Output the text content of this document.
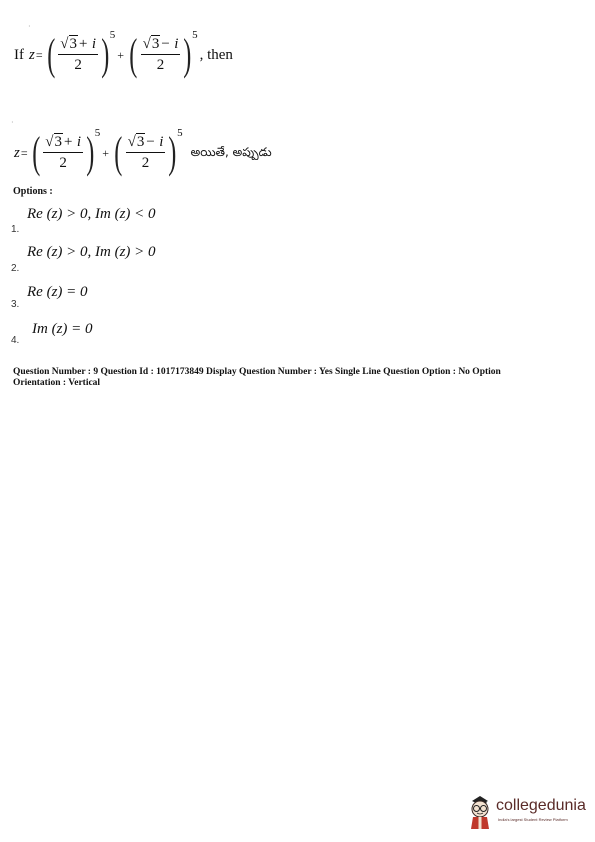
·
·
If z = ( $\frac{√3+ i}{2}$ ) 5
+ ( $\frac{√3- i}{2}$ ) 5
, then
z = ( $\frac{√3+ i}{2}$ ) 5
+ ( $\frac{√3- i}{2}$ ) 5
అయితే, అప్పుడు
Options :
Re (z) > 0, Im (z) < 0
1.
Re (z) > 0, Im (z) > 0
2.
Re (z) = 0
3.
Im (z) = 0
4.
Question Number : 9 Question Id : 1017173849 Display Question Number : Yes Single Line Question Option : No Option
Orientation : Vertical
collegedunia
India's largest Student Review Platform
